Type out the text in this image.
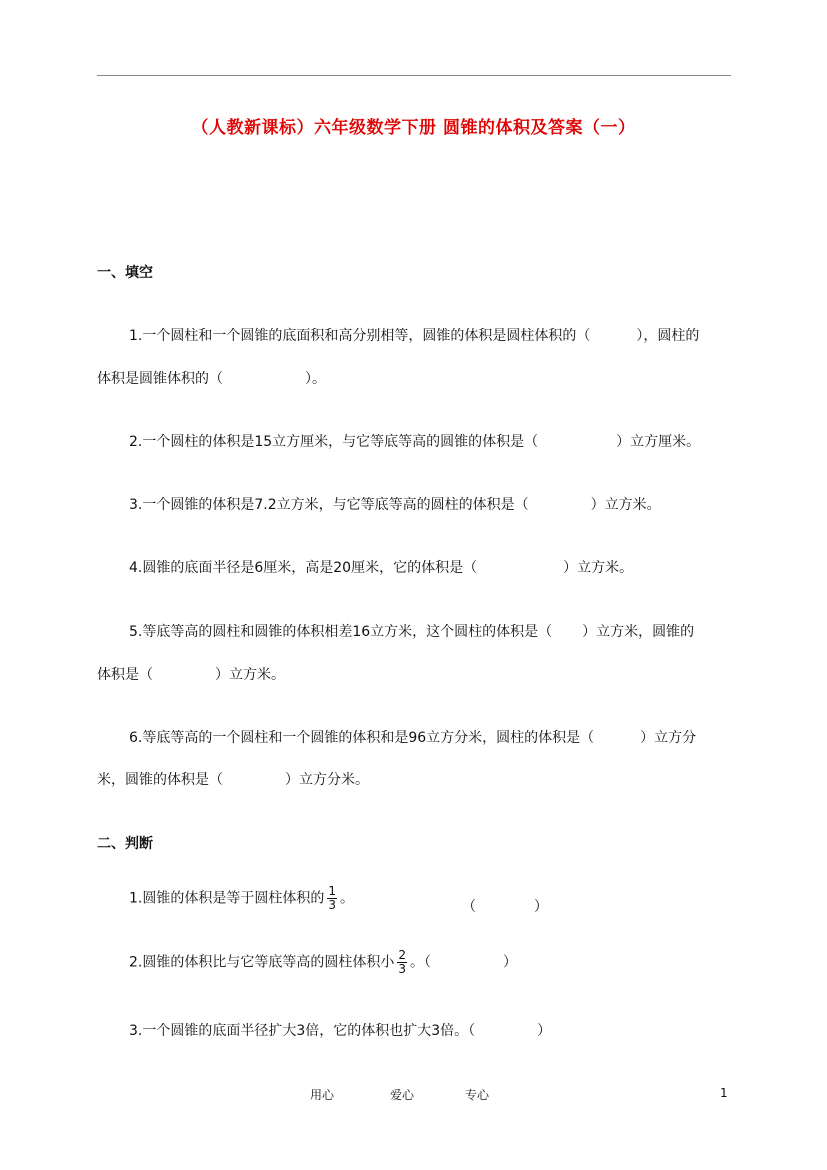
（人教新课标）六年级数学下册 圆锥的体积及答案（一）
一、填空
1.一个圆柱和一个圆锥的底面积和高分别相等，圆锥的体积是圆柱体积的（	），圆柱的
体积是圆锥体积的（	）。
2.一个圆柱的体积是15立方厘米，与它等底等高的圆锥的体积是（	）立方厘米。
3.一个圆锥的体积是7.2立方米，与它等底等高的圆柱的体积是（	）立方米。
4.圆锥的底面半径是6厘米，高是20厘米，它的体积是（	）立方米。
5.等底等高的圆柱和圆锥的体积相差16立方米，这个圆柱的体积是（ ）立方米，圆锥的
体积是（	）立方米。
6.等底等高的一个圆柱和一个圆锥的体积和是96立方分米，圆柱的体积是（	）立方分
米，圆锥的体积是（	）立方分米。
二、判断
1.圆锥的体积是等于圆柱体积的 $\frac{1}{3}$ 。
（	）
2.圆锥的体积比与它等底等高的圆柱体积小 $\frac{2}{3}$ 。（	）
3.一个圆锥的底面半径扩大3倍，它的体积也扩大3倍。（	）
用心	爱心	专心	1
